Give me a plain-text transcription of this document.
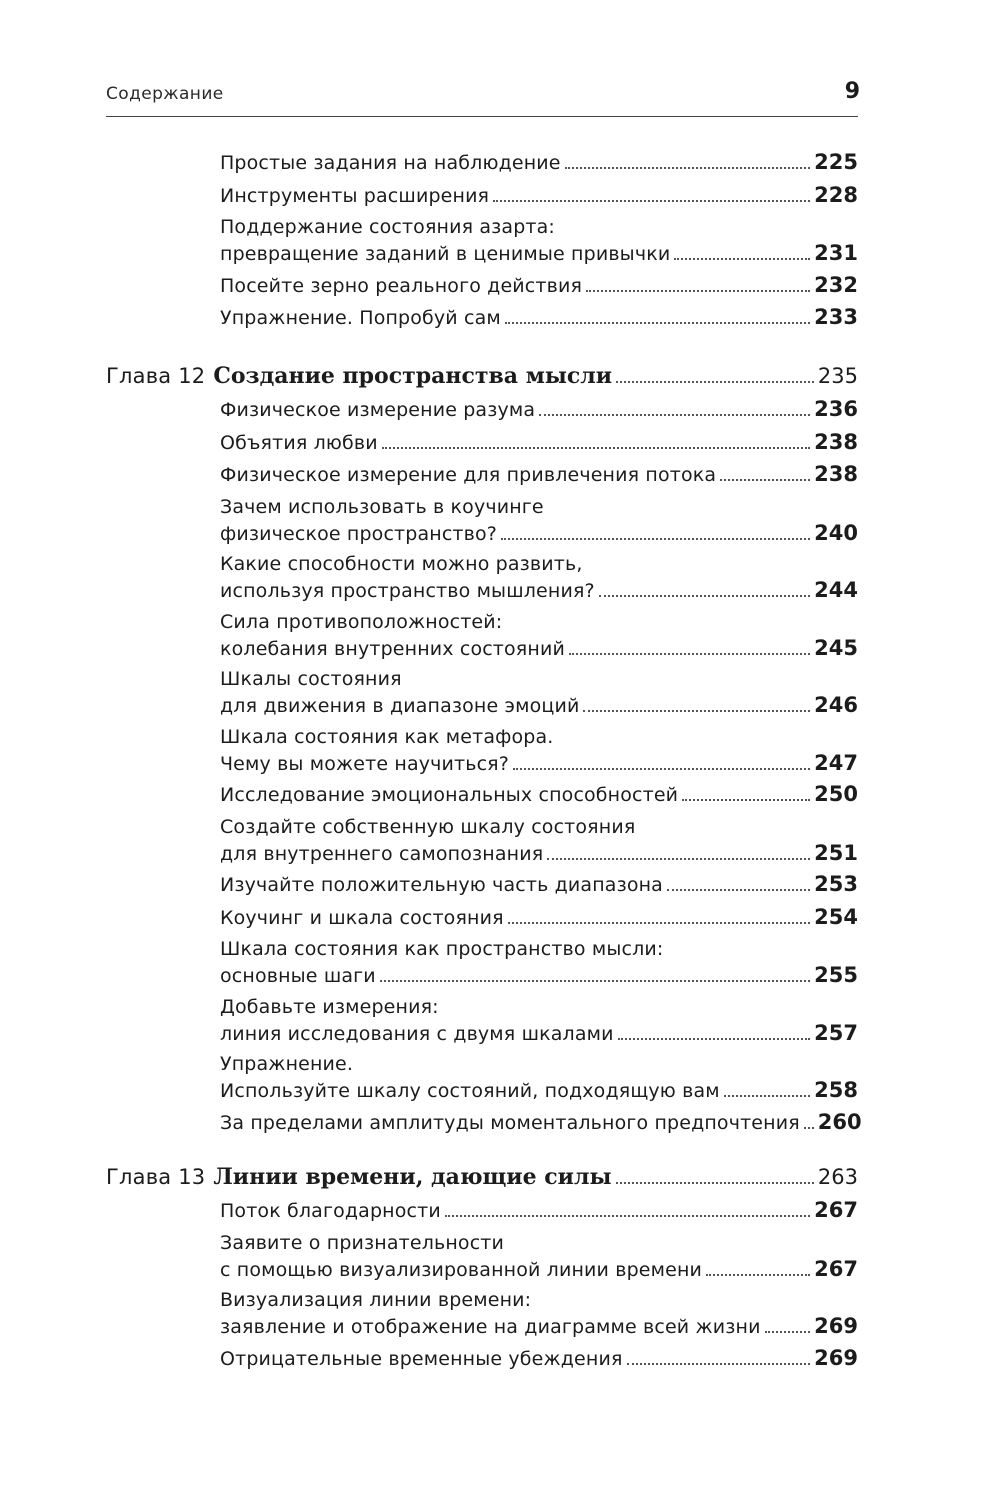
Содержание	9
Простые задания на наблюдение	225
Инструменты расширения	228
Поддержание состояния азарта:
превращение заданий в ценимые привычки	231
Посейте зерно реального действия	232
Упражнение. Попробуй сам	233
Глава 12 Создание пространства мысли	235
Физическое измерение разума	236
Объятия любви	238
Физическое измерение для привлечения потока	238
Зачем использовать в коучинге
физическое пространство?	240
Какие способности можно развить,
используя пространство мышления?	244
Сила противоположностей:
колебания внутренних состояний	245
Шкалы состояния
для движения в диапазоне эмоций	246
Шкала состояния как метафора.
Чему вы можете научиться?	247
Исследование эмоциональных способностей	250
Создайте собственную шкалу состояния
для внутреннего самопознания	251
Изучайте положительную часть диапазона	253
Коучинг и шкала состояния	254
Шкала состояния как пространство мысли:
основные шаги	255
Добавьте измерения:
линия исследования с двумя шкалами	257
Упражнение.
Используйте шкалу состояний, подходящую вам	258
За пределами амплитуды моментального предпочтения 260
Глава 13 Линии времени, дающие силы	263
Поток благодарности	267
Заявите о признательности
с помощью визуализированной линии времени	267
Визуализация линии времени:
заявление и отображение на диаграмме всей жизни	269
Отрицательные временные убеждения	269
